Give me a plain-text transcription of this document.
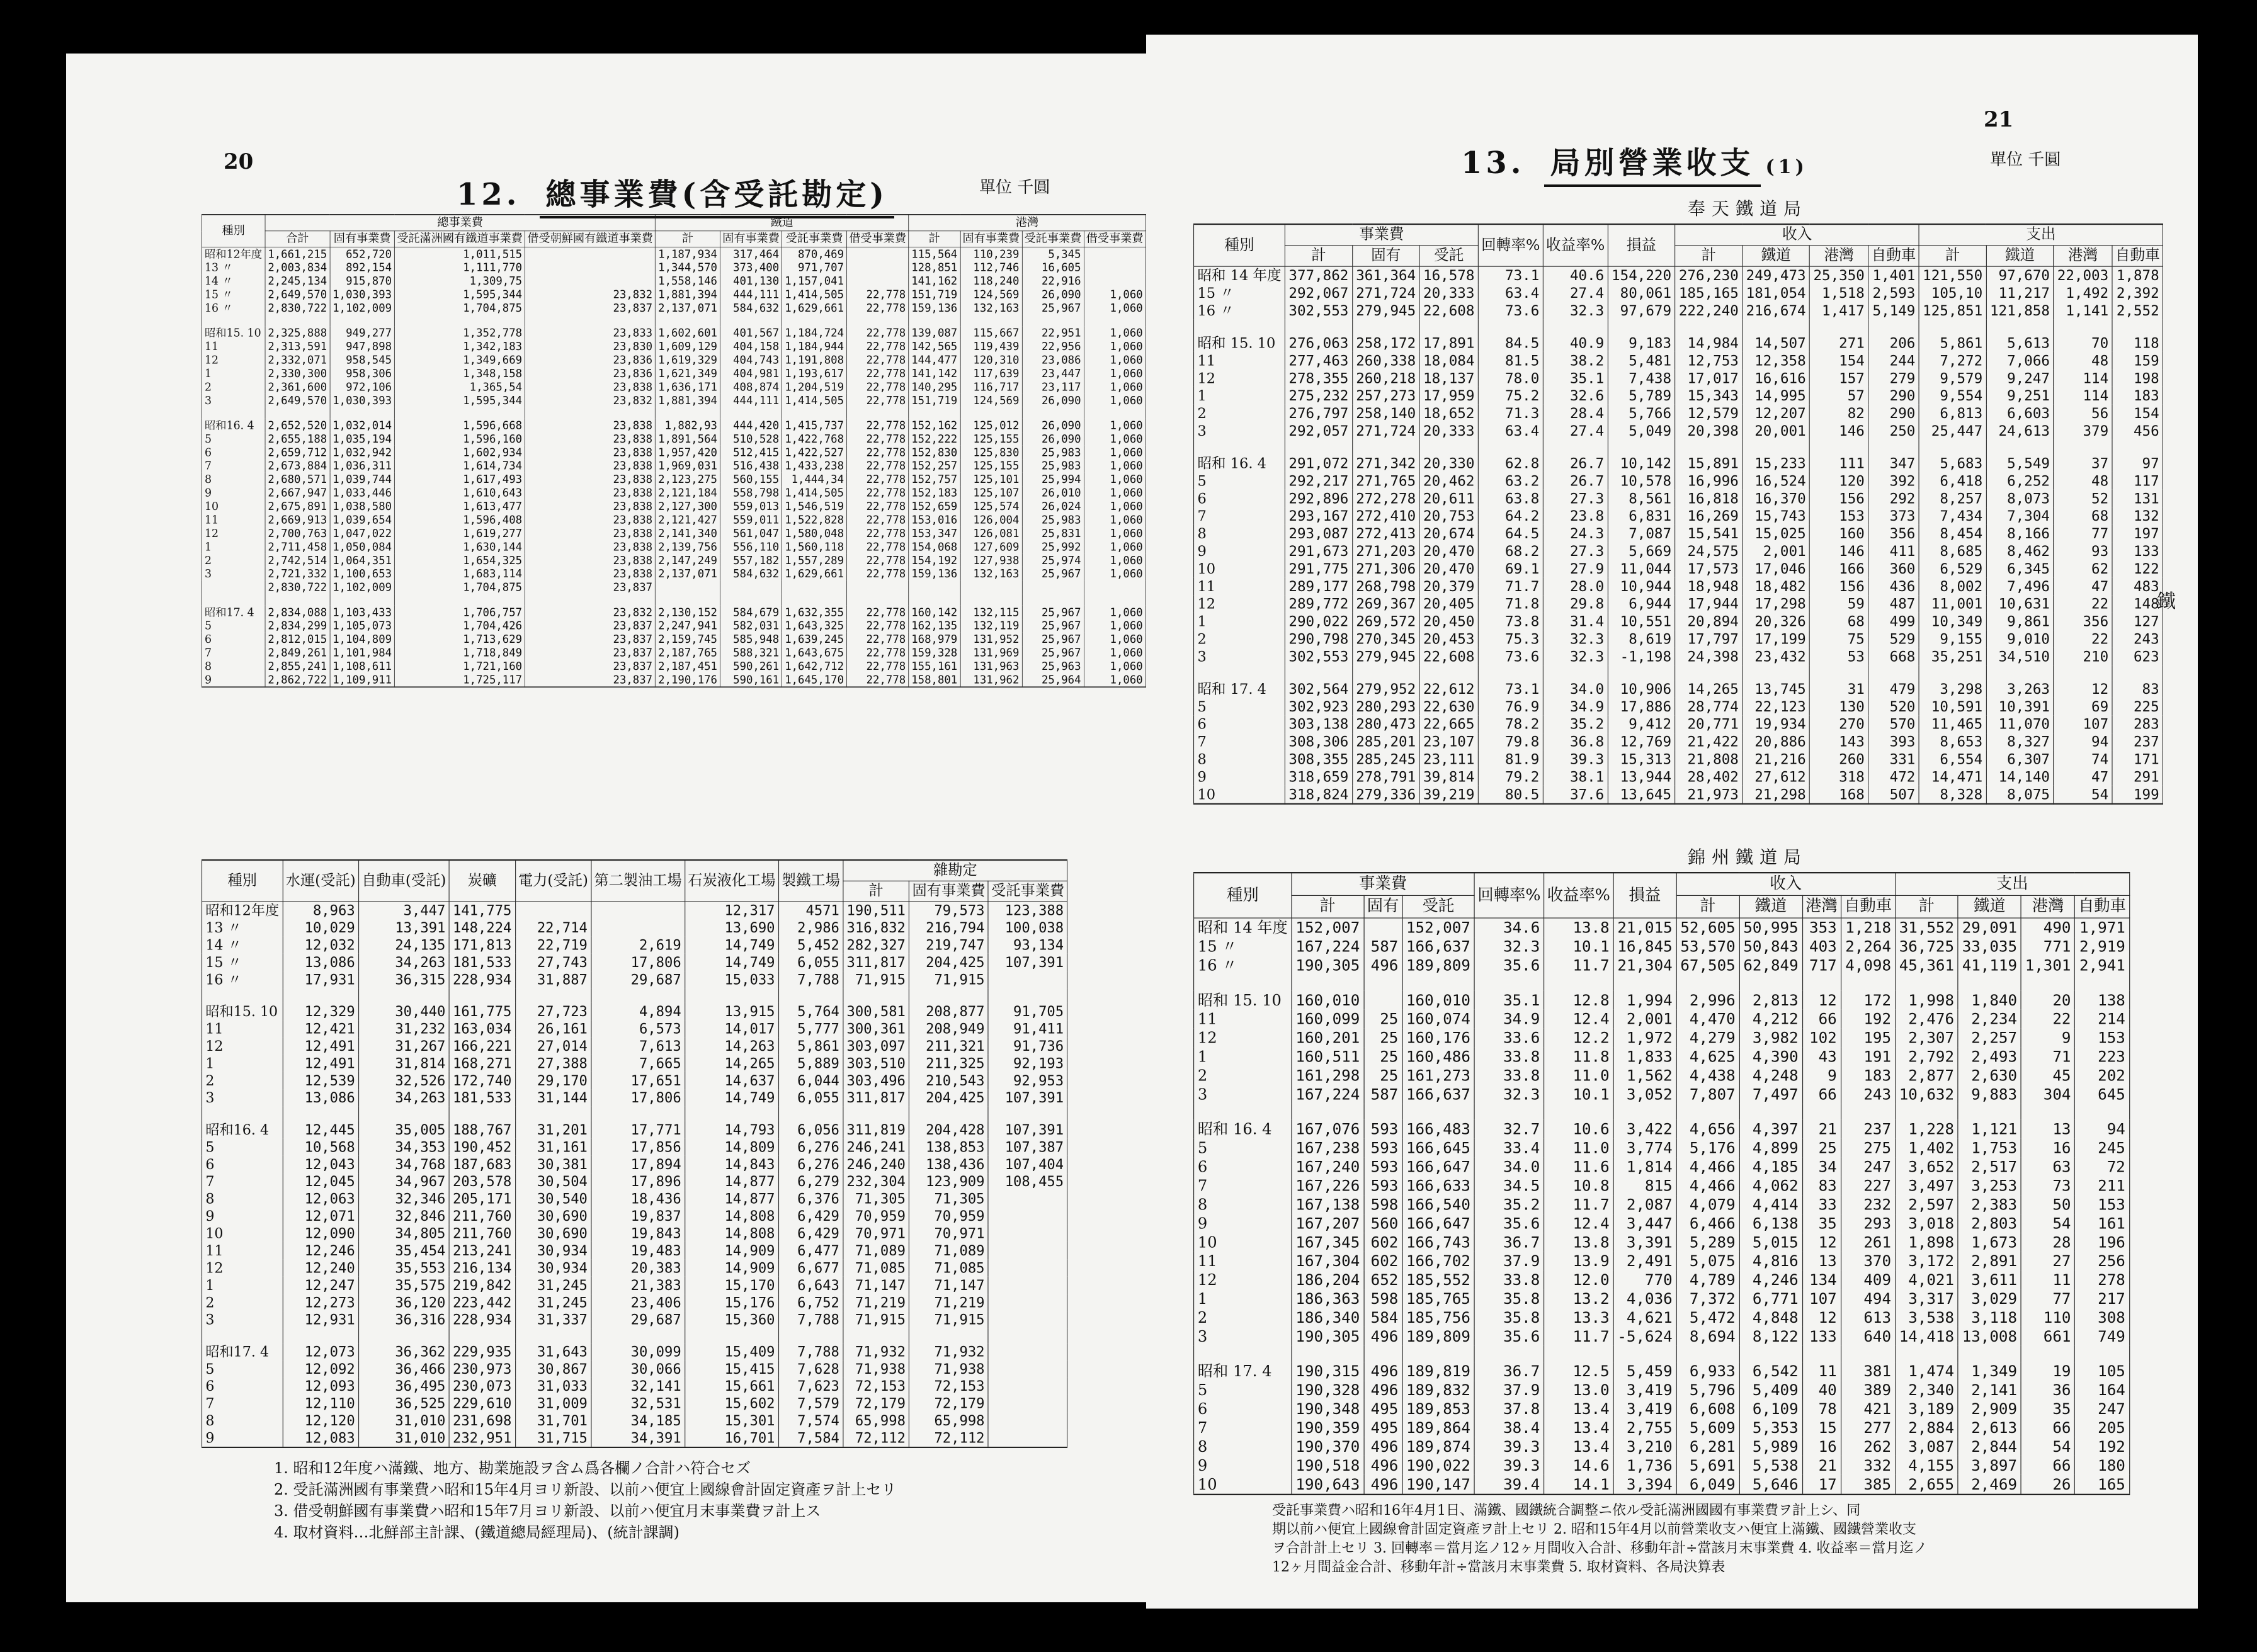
20
12. 總事業費(含受託勘定)	單位 千圓
種別	總事業費				鐵道				港灣			
	合計	固有事業費	受託滿洲國有鐵道事業費	借受朝鮮國有鐵道事業費	計	固有事業費	受託事業費	借受事業費	計	固有事業費	受託事業費	借受事業費
昭和12年度	1,661,215	652,720	1,011,515		1,187,934	317,464	870,469		115,564	110,239	5,345	
13 〃	2,003,834	892,154	1,111,770		1,344,570	373,400	971,707		128,851	112,746	16,605	
14 〃	2,245,134	915,870	1,309,75		1,558,146	401,130	1,157,041		141,162	118,240	22,916	
15 〃	2,649,570	1,030,393	1,595,344	23,832	1,881,394	444,111	1,414,505	22,778	151,719	124,569	26,090	1,060
16 〃	2,830,722	1,102,009	1,704,875	23,837	2,137,071	584,632	1,629,661	22,778	159,136	132,163	25,967	1,060

昭和15. 10	2,325,888	949,277	1,352,778	23,833	1,602,601	401,567	1,184,724	22,778	139,087	115,667	22,951	1,060
11	2,313,591	947,898	1,342,183	23,830	1,609,129	404,158	1,184,944	22,778	142,565	119,439	22,956	1,060
12	2,332,071	958,545	1,349,669	23,836	1,619,329	404,743	1,191,808	22,778	144,477	120,310	23,086	1,060
1	2,330,300	958,306	1,348,158	23,836	1,621,349	404,981	1,193,617	22,778	141,142	117,639	23,447	1,060
2	2,361,600	972,106	1,365,54	23,838	1,636,171	408,874	1,204,519	22,778	140,295	116,717	23,117	1,060
3	2,649,570	1,030,393	1,595,344	23,832	1,881,394	444,111	1,414,505	22,778	151,719	124,569	26,090	1,060

昭和16. 4	2,652,520	1,032,014	1,596,668	23,838	1,882,93	444,420	1,415,737	22,778	152,162	125,012	26,090	1,060
5	2,655,188	1,035,194	1,596,160	23,838	1,891,564	510,528	1,422,768	22,778	152,222	125,155	26,090	1,060
6	2,659,712	1,032,942	1,602,934	23,838	1,957,420	512,415	1,422,527	22,778	152,830	125,830	25,983	1,060
7	2,673,884	1,036,311	1,614,734	23,838	1,969,031	516,438	1,433,238	22,778	152,257	125,155	25,983	1,060
8	2,680,571	1,039,744	1,617,493	23,838	2,123,275	560,155	1,444,34	22,778	152,757	125,101	25,994	1,060
9	2,667,947	1,033,446	1,610,643	23,838	2,121,184	558,798	1,414,505	22,778	152,183	125,107	26,010	1,060
10	2,675,891	1,038,580	1,613,477	23,838	2,127,300	559,013	1,546,519	22,778	152,659	125,574	26,024	1,060
11	2,669,913	1,039,654	1,596,408	23,838	2,121,427	559,011	1,522,828	22,778	153,016	126,004	25,983	1,060
12	2,700,763	1,047,022	1,619,277	23,838	2,141,340	561,047	1,580,048	22,778	153,347	126,081	25,831	1,060
1	2,711,458	1,050,084	1,630,144	23,838	2,139,756	556,110	1,560,118	22,778	154,068	127,609	25,992	1,060
2	2,742,514	1,064,351	1,654,325	23,838	2,147,249	557,182	1,557,289	22,778	154,192	127,938	25,974	1,060
3	2,721,332	1,100,653	1,683,114	23,838	2,137,071	584,632	1,629,661	22,778	159,136	132,163	25,967	1,060
	2,830,722	1,102,009	1,704,875	23,837								

昭和17. 4	2,834,088	1,103,433	1,706,757	23,832	2,130,152	584,679	1,632,355	22,778	160,142	132,115	25,967	1,060
5	2,834,299	1,105,073	1,704,426	23,837	2,247,941	582,031	1,643,325	22,778	162,135	132,119	25,967	1,060
6	2,812,015	1,104,809	1,713,629	23,837	2,159,745	585,948	1,639,245	22,778	168,979	131,952	25,967	1,060
7	2,849,261	1,101,984	1,718,849	23,837	2,187,765	588,321	1,643,675	22,778	159,328	131,969	25,967	1,060
8	2,855,241	1,108,611	1,721,160	23,837	2,187,451	590,261	1,642,712	22,778	155,161	131,963	25,963	1,060
9	2,862,722	1,109,911	1,725,117	23,837	2,190,176	590,161	1,645,170	22,778	158,801	131,962	25,964	1,060
種別	水運(受託)	自動車(受託)	炭礦	電力(受託)	第二製油工場	石炭液化工場	製鐵工場	雜勘定		
								計	固有事業費	受託事業費
昭和12年度	8,963	3,447	141,775			12,317	4571	190,511	79,573	123,388
13 〃	10,029	13,391	148,224	22,714		13,690	2,986	316,832	216,794	100,038
14 〃	12,032	24,135	171,813	22,719	2,619	14,749	5,452	282,327	219,747	93,134
15 〃	13,086	34,263	181,533	27,743	17,806	14,749	6,055	311,817	204,425	107,391
16 〃	17,931	36,315	228,934	31,887	29,687	15,033	7,788	71,915	71,915	

昭和15. 10	12,329	30,440	161,775	27,723	4,894	13,915	5,764	300,581	208,877	91,705
11	12,421	31,232	163,034	26,161	6,573	14,017	5,777	300,361	208,949	91,411
12	12,491	31,267	166,221	27,014	7,613	14,263	5,861	303,097	211,321	91,736
1	12,491	31,814	168,271	27,388	7,665	14,265	5,889	303,510	211,325	92,193
2	12,539	32,526	172,740	29,170	17,651	14,637	6,044	303,496	210,543	92,953
3	13,086	34,263	181,533	31,144	17,806	14,749	6,055	311,817	204,425	107,391

昭和16. 4	12,445	35,005	188,767	31,201	17,771	14,793	6,056	311,819	204,428	107,391
5	10,568	34,353	190,452	31,161	17,856	14,809	6,276	246,241	138,853	107,387
6	12,043	34,768	187,683	30,381	17,894	14,843	6,276	246,240	138,436	107,404
7	12,045	34,967	203,578	30,504	17,896	14,877	6,279	232,304	123,909	108,455
8	12,063	32,346	205,171	30,540	18,436	14,877	6,376	71,305	71,305	
9	12,071	32,846	211,760	30,690	19,837	14,808	6,429	70,959	70,959	
10	12,090	34,805	211,760	30,690	19,843	14,808	6,429	70,971	70,971	
11	12,246	35,454	213,241	30,934	19,483	14,909	6,477	71,089	71,089	
12	12,240	35,553	216,134	30,934	20,383	14,909	6,677	71,085	71,085	
1	12,247	35,575	219,842	31,245	21,383	15,170	6,643	71,147	71,147	
2	12,273	36,120	223,442	31,245	23,406	15,176	6,752	71,219	71,219	
3	12,931	36,316	228,934	31,337	29,687	15,360	7,788	71,915	71,915	

昭和17. 4	12,073	36,362	229,935	31,643	30,099	15,409	7,788	71,932	71,932	
5	12,092	36,466	230,973	30,867	30,066	15,415	7,628	71,938	71,938	
6	12,093	36,495	230,073	31,033	32,141	15,661	7,623	72,153	72,153	
7	12,110	36,525	229,610	31,009	32,531	15,602	7,579	72,179	72,179	
8	12,120	31,010	231,698	31,701	34,185	15,301	7,574	65,998	65,998	
9	12,083	31,010	232,951	31,715	34,391	16,701	7,584	72,112	72,112	
1. 昭和12年度ハ滿鐵、地方、勘業施設ヲ含ム爲各欄ノ合計ハ符合セズ
2. 受託滿洲國有事業費ハ昭和15年4月ヨリ新設、以前ハ便宜上國線會計固定資產ヲ計上セリ
3. 借受朝鮮國有事業費ハ昭和15年7月ヨリ新設、以前ハ便宜月末事業費ヲ計上ス
4. 取材資料…北鮮部主計課、(鐵道總局經理局)、(統計課調)
21
13. 局別營業收支 (1)	單位 千圓
奉天鐵道局
種別	事業費			回轉率%	收益率%	損益	收入				支出			
	計	固有	受託				計	鐵道	港灣	自動車	計	鐵道	港灣	自動車
昭和 14 年度	377,862	361,364	16,578	73.1	40.6	154,220	276,230	249,473	25,350	1,401	121,550	97,670	22,003	1,878
15 〃	292,067	271,724	20,333	63.4	27.4	80,061	185,165	181,054	1,518	2,593	105,10	11,217	1,492	2,392
16 〃	302,553	279,945	22,608	73.6	32.3	97,679	222,240	216,674	1,417	5,149	125,851	121,858	1,141	2,552

昭和 15. 10	276,063	258,172	17,891	84.5	40.9	9,183	14,984	14,507	271	206	5,861	5,613	70	118
11	277,463	260,338	18,084	81.5	38.2	5,481	12,753	12,358	154	244	7,272	7,066	48	159
12	278,355	260,218	18,137	78.0	35.1	7,438	17,017	16,616	157	279	9,579	9,247	114	198
1	275,232	257,273	17,959	75.2	32.6	5,789	15,343	14,995	57	290	9,554	9,251	114	183
2	276,797	258,140	18,652	71.3	28.4	5,766	12,579	12,207	82	290	6,813	6,603	56	154
3	292,057	271,724	20,333	63.4	27.4	5,049	20,398	20,001	146	250	25,447	24,613	379	456

昭和 16. 4	291,072	271,342	20,330	62.8	26.7	10,142	15,891	15,233	111	347	5,683	5,549	37	97
5	292,217	271,765	20,462	63.2	26.7	10,578	16,996	16,524	120	392	6,418	6,252	48	117
6	292,896	272,278	20,611	63.8	27.3	8,561	16,818	16,370	156	292	8,257	8,073	52	131
7	293,167	272,410	20,753	64.2	23.8	6,831	16,269	15,743	153	373	7,434	7,304	68	132
8	293,087	272,413	20,674	64.5	24.3	7,087	15,541	15,025	160	356	8,454	8,166	77	197
9	291,673	271,203	20,470	68.2	27.3	5,669	24,575	2,001	146	411	8,685	8,462	93	133
10	291,775	271,306	20,470	69.1	27.9	11,044	17,573	17,046	166	360	6,529	6,345	62	122
11	289,177	268,798	20,379	71.7	28.0	10,944	18,948	18,482	156	436	8,002	7,496	47	483
12	289,772	269,367	20,405	71.8	29.8	6,944	17,944	17,298	59	487	11,001	10,631	22	148
1	290,022	269,572	20,450	73.8	31.4	10,551	20,894	20,326	68	499	10,349	9,861	356	127
2	290,798	270,345	20,453	75.3	32.3	8,619	17,797	17,199	75	529	9,155	9,010	22	243
3	302,553	279,945	22,608	73.6	32.3	-1,198	24,398	23,432	53	668	35,251	34,510	210	623

昭和 17. 4	302,564	279,952	22,612	73.1	34.0	10,906	14,265	13,745	31	479	3,298	3,263	12	83
5	302,923	280,293	22,630	76.9	34.9	17,886	28,774	22,123	130	520	10,591	10,391	69	225
6	303,138	280,473	22,665	78.2	35.2	9,412	20,771	19,934	270	570	11,465	11,070	107	283
7	308,306	285,201	23,107	79.8	36.8	12,769	21,422	20,886	143	393	8,653	8,327	94	237
8	308,355	285,245	23,111	81.9	39.3	15,313	21,808	21,216	260	331	6,554	6,307	74	171
9	318,659	278,791	39,814	79.2	38.1	13,944	28,402	27,612	318	472	14,471	14,140	47	291
10	318,824	279,336	39,219	80.5	37.6	13,645	21,973	21,298	168	507	8,328	8,075	54	199
錦州鐵道局
種別	事業費			回轉率%	收益率%	損益	收入				支出			
	計	固有	受託				計	鐵道	港灣	自動車	計	鐵道	港灣	自動車
昭和 14 年度	152,007		152,007	34.6	13.8	21,015	52,605	50,995	353	1,218	31,552	29,091	490	1,971
15 〃	167,224	587	166,637	32.3	10.1	16,845	53,570	50,843	403	2,264	36,725	33,035	771	2,919
16 〃	190,305	496	189,809	35.6	11.7	21,304	67,505	62,849	717	4,098	45,361	41,119	1,301	2,941

昭和 15. 10	160,010		160,010	35.1	12.8	1,994	2,996	2,813	12	172	1,998	1,840	20	138
11	160,099	25	160,074	34.9	12.4	2,001	4,470	4,212	66	192	2,476	2,234	22	214
12	160,201	25	160,176	33.6	12.2	1,972	4,279	3,982	102	195	2,307	2,257	9	153
1	160,511	25	160,486	33.8	11.8	1,833	4,625	4,390	43	191	2,792	2,493	71	223
2	161,298	25	161,273	33.8	11.0	1,562	4,438	4,248	9	183	2,877	2,630	45	202
3	167,224	587	166,637	32.3	10.1	3,052	7,807	7,497	66	243	10,632	9,883	304	645

昭和 16. 4	167,076	593	166,483	32.7	10.6	3,422	4,656	4,397	21	237	1,228	1,121	13	94
5	167,238	593	166,645	33.4	11.0	3,774	5,176	4,899	25	275	1,402	1,753	16	245
6	167,240	593	166,647	34.0	11.6	1,814	4,466	4,185	34	247	3,652	2,517	63	72
7	167,226	593	166,633	34.5	10.8	815	4,466	4,062	83	227	3,497	3,253	73	211
8	167,138	598	166,540	35.2	11.7	2,087	4,079	4,414	33	232	2,597	2,383	50	153
9	167,207	560	166,647	35.6	12.4	3,447	6,466	6,138	35	293	3,018	2,803	54	161
10	167,345	602	166,743	36.7	13.8	3,391	5,289	5,015	12	261	1,898	1,673	28	196
11	167,304	602	166,702	37.9	13.9	2,491	5,075	4,816	13	370	3,172	2,891	27	256
12	186,204	652	185,552	33.8	12.0	770	4,789	4,246	134	409	4,021	3,611	11	278
1	186,363	598	185,765	35.8	13.2	4,036	7,372	6,771	107	494	3,317	3,029	77	217
2	186,340	584	185,756	35.8	13.3	4,621	5,472	4,848	12	613	3,538	3,118	110	308
3	190,305	496	189,809	35.6	11.7	-5,624	8,694	8,122	133	640	14,418	13,008	661	749

昭和 17. 4	190,315	496	189,819	36.7	12.5	5,459	6,933	6,542	11	381	1,474	1,349	19	105
5	190,328	496	189,832	37.9	13.0	3,419	5,796	5,409	40	389	2,340	2,141	36	164
6	190,348	495	189,853	37.8	13.4	3,419	6,608	6,109	78	421	3,189	2,909	35	247
7	190,359	495	189,864	38.4	13.4	2,755	5,609	5,353	15	277	2,884	2,613	66	205
8	190,370	496	189,874	39.3	13.4	3,210	6,281	5,989	16	262	3,087	2,844	54	192
9	190,518	496	190,022	39.3	14.6	1,736	5,691	5,538	21	332	4,155	3,897	66	180
10	190,643	496	190,147	39.4	14.1	3,394	6,049	5,646	17	385	2,655	2,469	26	165
受託事業費ハ昭和16年4月1日、滿鐵、國鐵統合調整ニ依ル受託滿洲國國有事業費ヲ計上シ、同
期以前ハ便宜上國線會計固定資產ヲ計上セリ 2. 昭和15年4月以前營業收支ハ便宜上滿鐵、國鐵營業收支
ヲ合計計上セリ 3. 回轉率＝當月迄ノ12ヶ月間收入合計、移動年計÷當該月末事業費 4. 收益率＝當月迄ノ
12ヶ月間益金合計、移動年計÷當該月末事業費 5. 取材資料、各局決算表
鐵
